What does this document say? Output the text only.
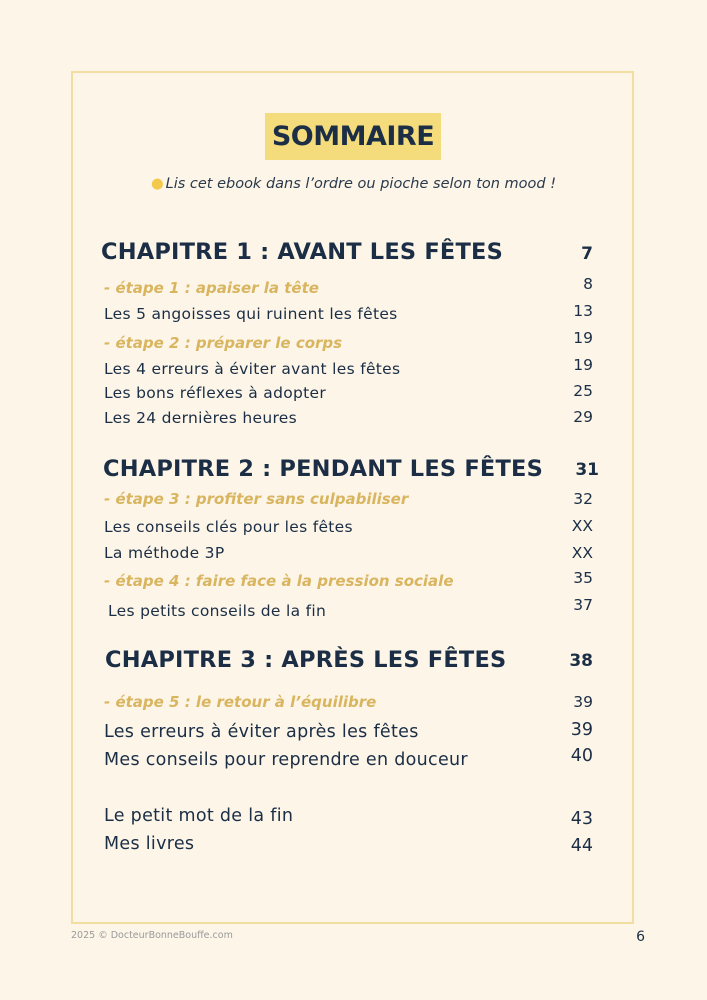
SOMMAIRE
● Lis cet ebook dans l’ordre ou pioche selon ton mood !
CHAPITRE 1 : AVANT LES FÊTES	7
- étape 1 : apaiser la tête	8
Les 5 angoisses qui ruinent les fêtes	13
- étape 2 : préparer le corps	19
Les 4 erreurs à éviter avant les fêtes	19
Les bons réflexes à adopter	25
Les 24 dernières heures	29
CHAPITRE 2 : PENDANT LES FÊTES 31
- étape 3 : profiter sans culpabiliser	32
Les conseils clés pour les fêtes	XX
La méthode 3P	XX
- étape 4 : faire face à la pression sociale	35
Les petits conseils de la fin	37
CHAPITRE 3 : APRÈS LES FÊTES	38
- étape 5 : le retour à l’équilibre	39
Les erreurs à éviter après les fêtes	39
Mes conseils pour reprendre en douceur	40
Le petit mot de la fin	43
Mes livres	44
2025 © DocteurBonneBouffe.com	6
